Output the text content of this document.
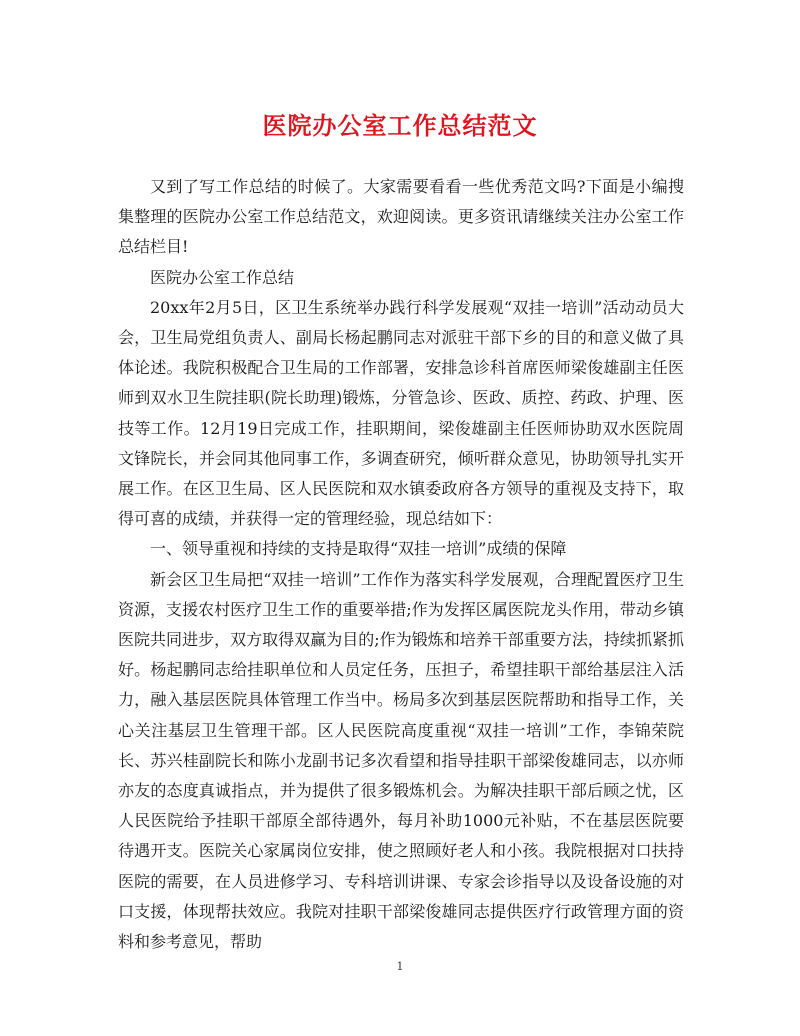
医院办公室工作总结范文

又到了写工作总结的时候了。大家需要看看一些优秀范文吗?下面是小编搜集整理的医院办公室工作总结范文，欢迎阅读。更多资讯请继续关注办公室工作总结栏目!

医院办公室工作总结

20xx年2月5日，区卫生系统举办践行科学发展观“双挂一培训”活动动员大会，卫生局党组负责人、副局长杨起鹏同志对派驻干部下乡的目的和意义做了具体论述。我院积极配合卫生局的工作部署，安排急诊科首席医师梁俊雄副主任医师到双水卫生院挂职(院长助理)锻炼，分管急诊、医政、质控、药政、护理、医技等工作。12月19日完成工作，挂职期间，梁俊雄副主任医师协助双水医院周文锋院长，并会同其他同事工作，多调查研究，倾听群众意见，协助领导扎实开展工作。在区卫生局、区人民医院和双水镇委政府各方领导的重视及支持下，取得可喜的成绩，并获得一定的管理经验，现总结如下：

一、领导重视和持续的支持是取得“双挂一培训”成绩的保障

新会区卫生局把“双挂一培训”工作作为落实科学发展观，合理配置医疗卫生资源，支援农村医疗卫生工作的重要举措;作为发挥区属医院龙头作用，带动乡镇医院共同进步，双方取得双赢为目的;作为锻炼和培养干部重要方法，持续抓紧抓好。杨起鹏同志给挂职单位和人员定任务，压担子，希望挂职干部给基层注入活力，融入基层医院具体管理工作当中。杨局多次到基层医院帮助和指导工作，关心关注基层卫生管理干部。区人民医院高度重视“双挂一培训”工作，李锦荣院长、苏兴桂副院长和陈小龙副书记多次看望和指导挂职干部梁俊雄同志，以亦师亦友的态度真诚指点，并为提供了很多锻炼机会。为解决挂职干部后顾之忧，区人民医院给予挂职干部原全部待遇外，每月补助1000元补贴，不在基层医院要待遇开支。医院关心家属岗位安排，使之照顾好老人和小孩。我院根据对口扶持医院的需要，在人员进修学习、专科培训讲课、专家会诊指导以及设备设施的对口支援，体现帮扶效应。我院对挂职干部梁俊雄同志提供医疗行政管理方面的资料和参考意见，帮助

1
